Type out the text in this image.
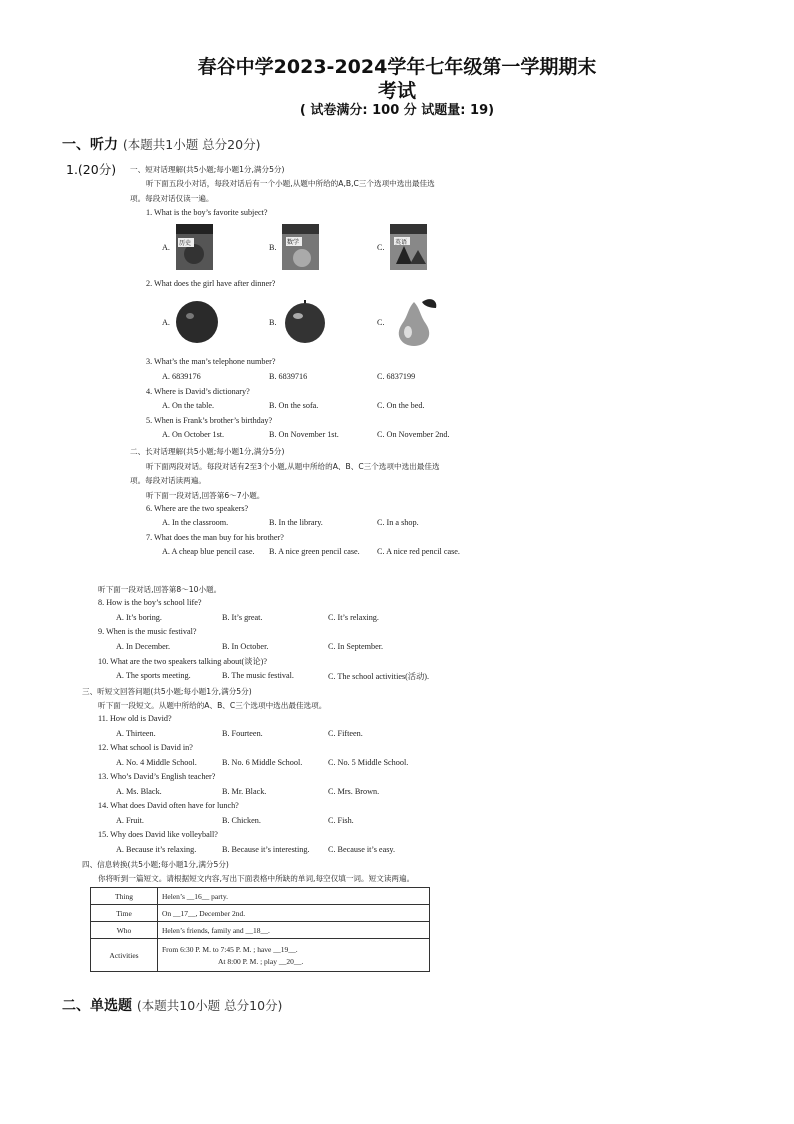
春谷中学2023-2024学年七年级第一学期期末
考试
( 试卷满分: 100 分 试题量: 19)
一、听力 (本题共1小题 总分20分)
1.(20分) 一、短对话理解(共5小题;每小题1分,满分5分)
听下面五段小对话，每段对话后有一个小题,从题中所给的A,B,C三个选项中选出最佳选
项。每段对话仅读一遍。
1. What is the boy’s favorite subject?
A. 历史	B.
数学
C.
英语
2. What does the girl have after dinner?
A.	B.	C.
3. What’s the man’s telephone number?
A. 6839176	B. 6839716	C. 6837199
4. Where is David’s dictionary?
A. On the table.	B. On the sofa.	C. On the bed.
5. When is Frank’s brother’s birthday?
A. On October 1st.	B. On November 1st.	C. On November 2nd.
二、长对话理解(共5小题;每小题1分,满分5分)
听下面两段对话。每段对话有2至3个小题,从题中所给的A、B、C三个选项中选出最佳选
项。每段对话读两遍。
听下面一段对话,回答第6～7小题。
6. Where are the two speakers?
A. In the classroom.	B. In the library.	C. In a shop.
7. What does the man buy for his brother?
A. A cheap blue pencil case. B. A nice green pencil case. C. A nice red pencil case.
听下面一段对话,回答第8～10小题。
8. How is the boy’s school life?
A. It’s boring.	B. It’s great.	C. It’s relaxing.
9. When is the music festival?
A. In December.	B. In October.	C. In September.
10. What are the two speakers talking about(谈论)?
A. The sports meeting.	B. The music festival.	C. The school activities(活动).
三、听短文回答问题(共5小题;每小题1分,满分5分)
听下面一段短文。从题中所给的A、B、C三个选项中选出最佳选项。
11. How old is David?
A. Thirteen.	B. Fourteen.	C. Fifteen.
12. What school is David in?
A. No. 4 Middle School.	B. No. 6 Middle School.	C. No. 5 Middle School.
13. Who’s David’s English teacher?
A. Ms. Black.	B. Mr. Black.	C. Mrs. Brown.
14. What does David often have for lunch?
A. Fruit.	B. Chicken.	C. Fish.
15. Why does David like volleyball?
A. Because it’s relaxing.	B. Because it’s interesting. C. Because it’s easy.
四、信息转换(共5小题;每小题1分,满分5分)
你将听到一篇短文。请根据短文内容,写出下面表格中所缺的单词,每空仅填一词。短文读两遍。
Thing	Helen’s __16__ party.
Time	On __17__, December 2nd.
Who	Helen’s friends, family and __18__.
Activities	From 6:30 P. M. to 7:45 P. M. ; have __19__.
At 8:00 P. M. ; play __20__.
二、单选题 (本题共10小题 总分10分)
